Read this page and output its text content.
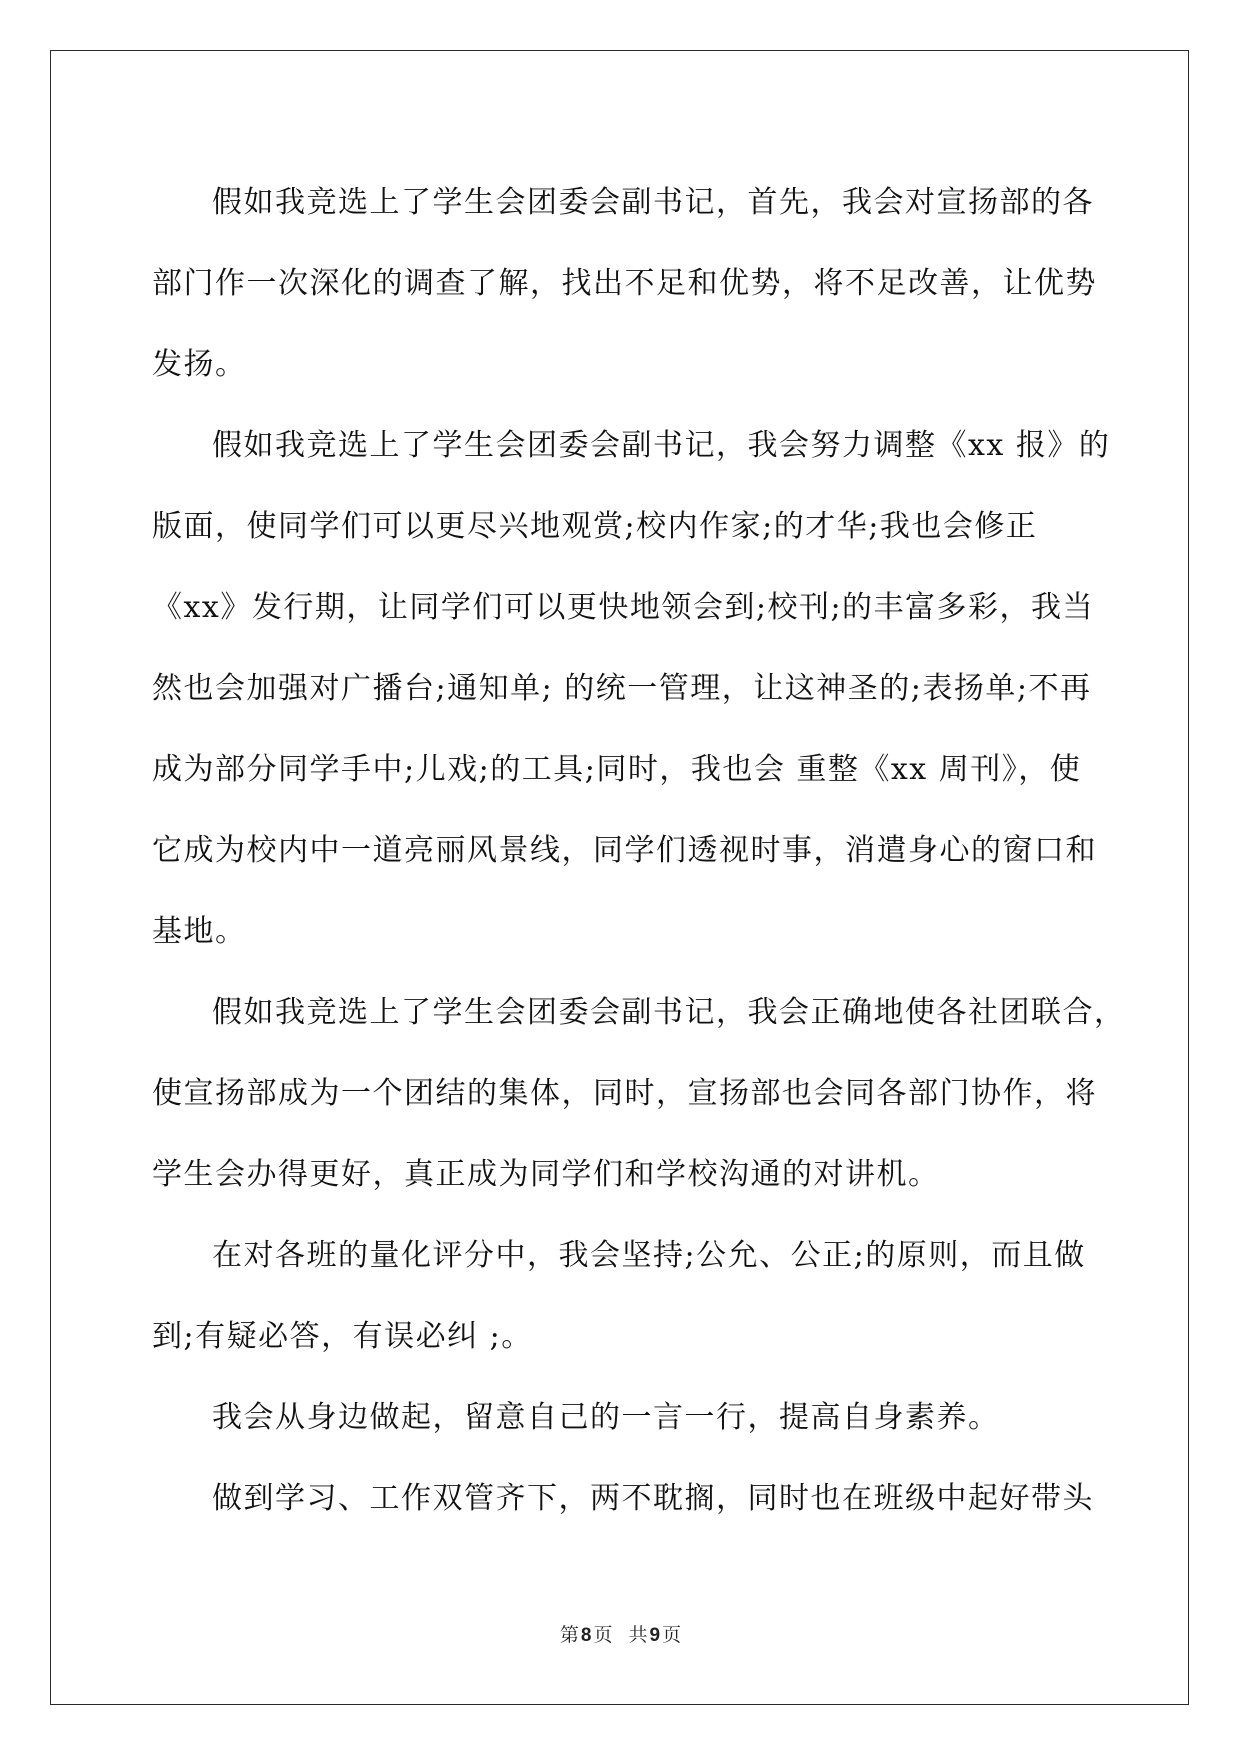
假如我竞选上了学生会团委会副书记，首先，我会对宣扬部的各
部门作一次深化的调查了解，找出不足和优势，将不足改善，让优势
发扬。

假如我竞选上了学生会团委会副书记，我会努力调整《xx 报》的
版面，使同学们可以更尽兴地观赏;校内作家;的才华;我也会修正
《xx》发行期，让同学们可以更快地领会到;校刊;的丰富多彩，我当
然也会加强对广播台;通知单; 的统一管理，让这神圣的;表扬单;不再
成为部分同学手中;儿戏;的工具;同时，我也会 重整《xx 周刊》，使
它成为校内中一道亮丽风景线，同学们透视时事，消遣身心的窗口和
基地。

假如我竞选上了学生会团委会副书记，我会正确地使各社团联合，
使宣扬部成为一个团结的集体，同时，宣扬部也会同各部门协作，将
学生会办得更好，真正成为同学们和学校沟通的对讲机。

在对各班的量化评分中，我会坚持;公允、公正;的原则，而且做
到;有疑必答，有误必纠 ;。

我会从身边做起，留意自己的一言一行，提高自身素养。

做到学习、工作双管齐下，两不耽搁，同时也在班级中起好带头

第 8 页 共 9 页
